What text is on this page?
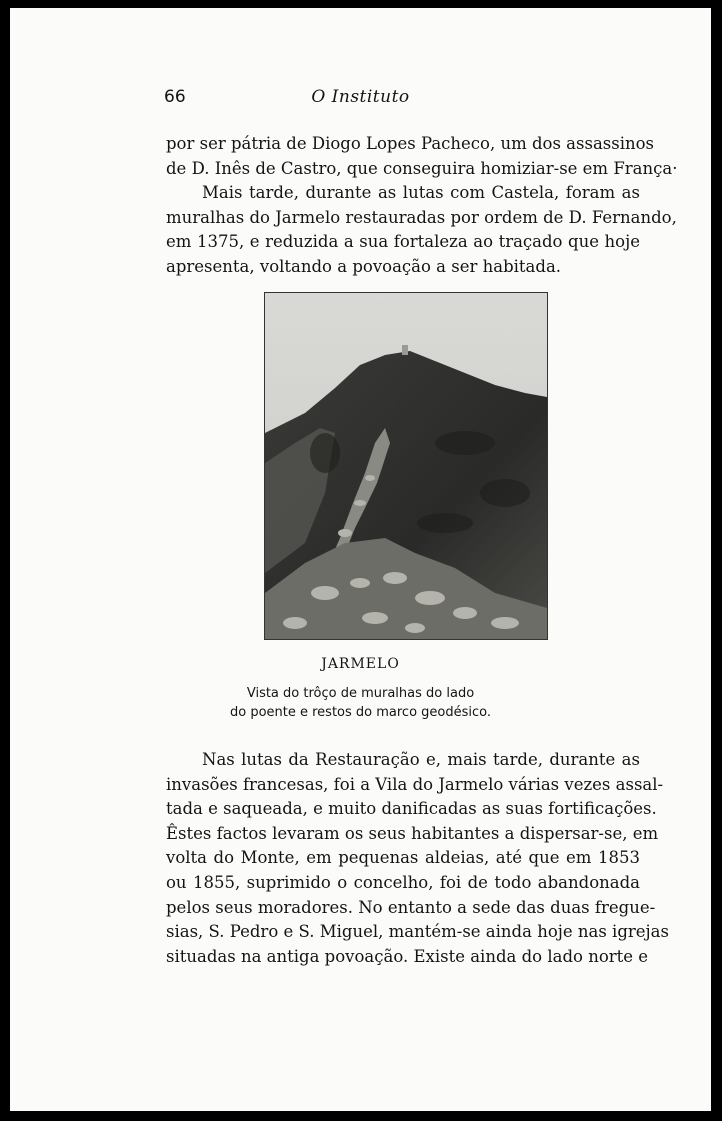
66	O Instituto

por ser pátria de Diogo Lopes Pacheco, um dos assassinos
de D. Inês de Castro, que conseguira homiziar-se em França·
Mais tarde, durante as lutas com Castela, foram as
muralhas do Jarmelo restauradas por ordem de D. Fernando,
em 1375, e reduzida a sua fortaleza ao traçado que hoje
apresenta, voltando a povoação a ser habitada.

JARMELO
Vista do trôço de muralhas do lado
do poente e restos do marco geodésico.

Nas lutas da Restauração e, mais tarde, durante as
invasões francesas, foi a Vila do Jarmelo várias vezes assal-
tada e saqueada, e muito danificadas as suas fortificações.
Êstes factos levaram os seus habitantes a dispersar-se, em
volta do Monte, em pequenas aldeias, até que em 1853
ou 1855, suprimido o concelho, foi de todo abandonada
pelos seus moradores. No entanto a sede das duas fregue-
sias, S. Pedro e S. Miguel, mantém-se ainda hoje nas igrejas
situadas na antiga povoação. Existe ainda do lado norte e
